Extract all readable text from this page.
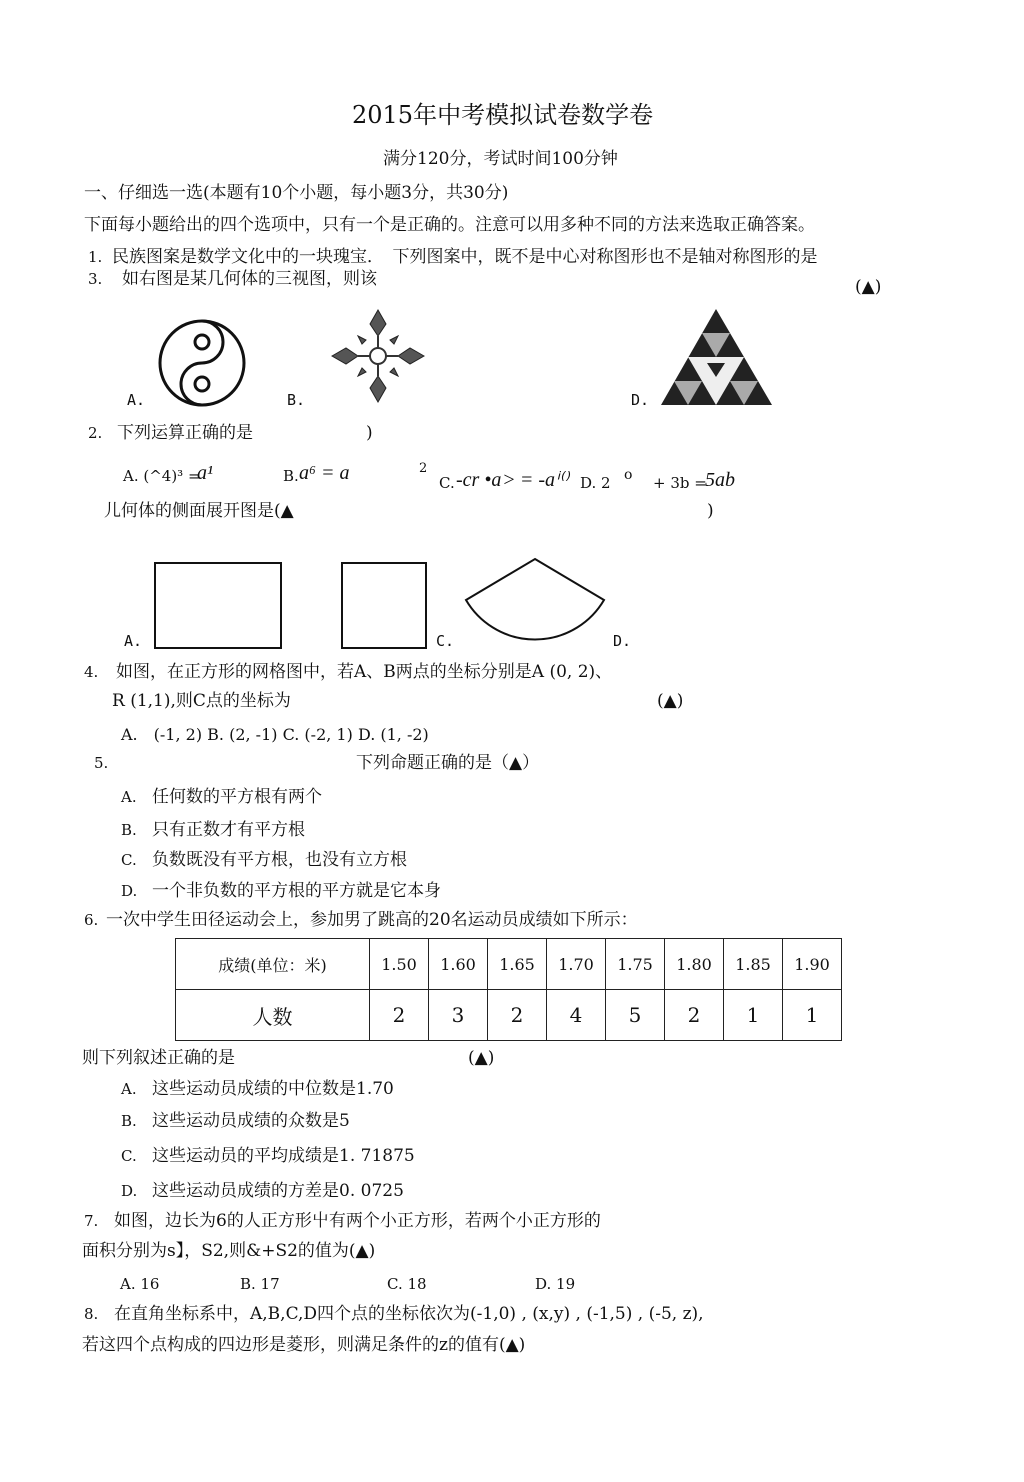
2015年中考模拟试卷数学卷
满分120分，考试时间100分钟
一、仔细选一选(本题有10个小题，每小题3分，共30分)
下面每小题给出的四个选项中，只有一个是正确的。注意可以用多种不同的方法来选取正确答案。
1. 民族图案是数学文化中的一块瑰宝．　下列图案中，既不是中心对称图形也不是轴对称图形的是
3. 如右图是某几何体的三视图，则该	(▲)
A.	B.	D.
2. 下列运算正确的是	)
A. (^4)³ =
a¹	B. a⁶ = a	2
C. -cr •a˃ = -aⁱ⁽⁾ D. 2 o + 3b =
5ab
儿何体的侧面展开图是(▲	)
A.	C.	D.
4. 如图，在正方形的网格图中，若A、B两点的坐标分别是A (0, 2)、
R (1,1),则C点的坐标为	(▲)
A.　(-1, 2) B. (2, -1) C. (-2, 1) D. (1, -2)
5.	下列命题正确的是（▲）
A. 任何数的平方根有两个
B. 只有正数才有平方根
C. 负数既没有平方根，也没有立方根
D. 一个非负数的平方根的平方就是它本身
6. 一次中学生田径运动会上，参加男了跳高的20名运动员成绩如下所示：
成绩(单位：米)	1.50	1.60	1.65	1.70	1.75	1.80	1.85	1.90
人数	2	3	2	4	5	2	1	1
则下列叙述正确的是	(▲)
A. 这些运动员成绩的中位数是1.70
B. 这些运动员成绩的众数是5
C. 这些运动员的平均成绩是1. 71875
D. 这些运动员成绩的方差是0. 0725
7. 如图，边长为6的人正方形屮有两个小正方形，若两个小正方形的
面积分别为s】，S2,则&+S2的值为(▲)
A. 16	B. 17	C. 18	D. 19
8. 在直角坐标系中，A,B,C,D四个点的坐标依次为(-1,0) , (x,y) , (-1,5) , (-5, z),
若这四个点构成的四边形是菱形，则满足条件的z的值有(▲)
